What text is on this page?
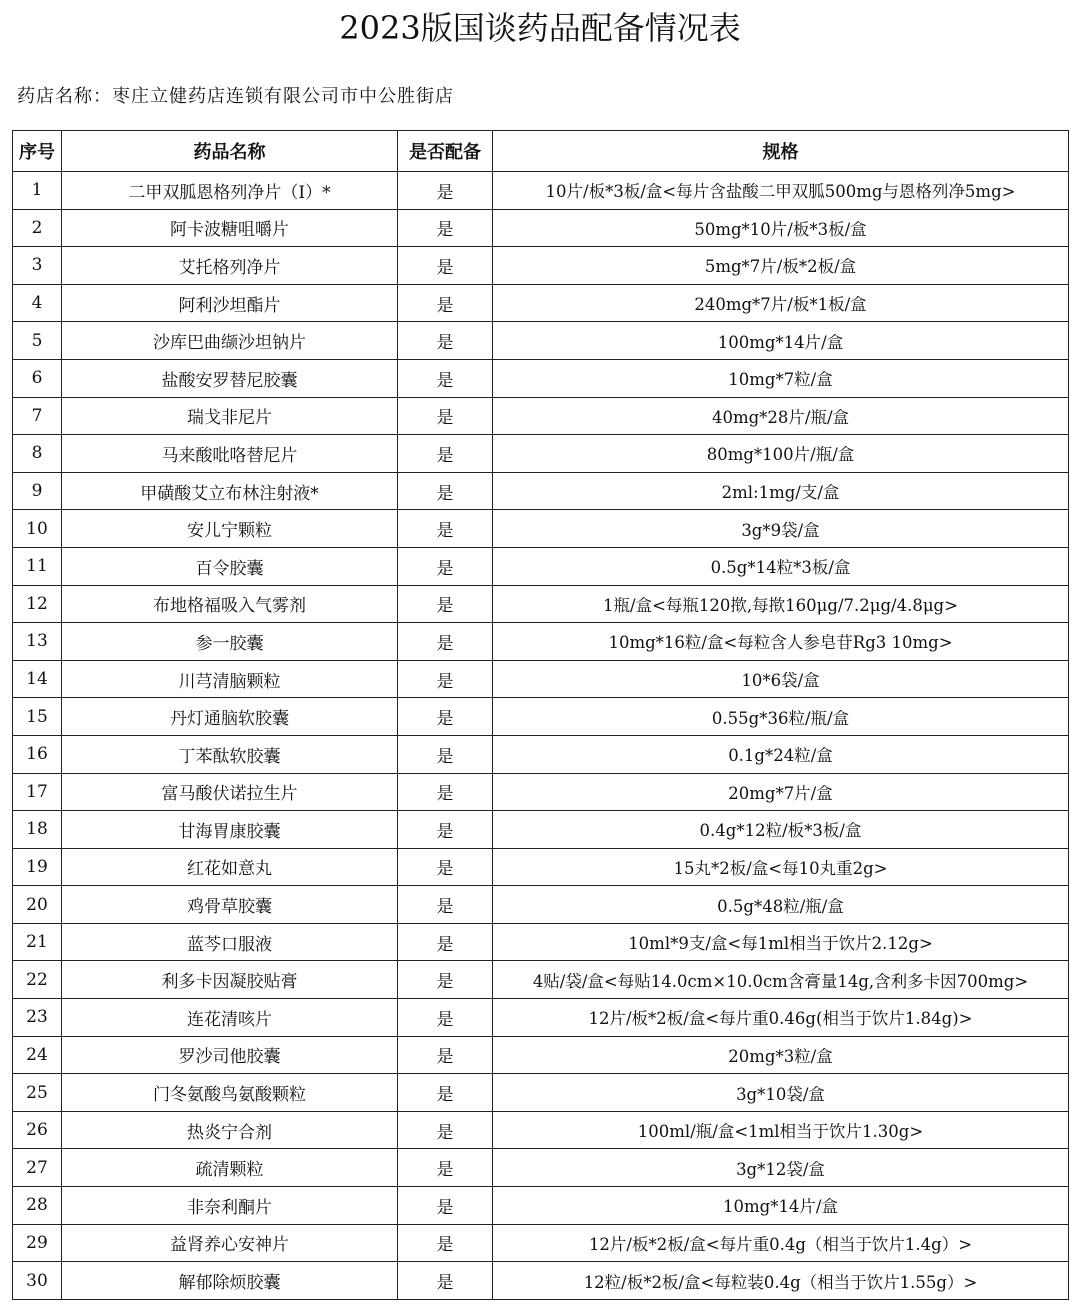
2023版国谈药品配备情况表
药店名称：枣庄立健药店连锁有限公司市中公胜街店
序号	药品名称	是否配备	规格
1	二甲双胍恩格列净片（Ⅰ）*	是	10片/板*3板/盒<每片含盐酸二甲双胍500mg与恩格列净5mg>
2	阿卡波糖咀嚼片	是	50mg*10片/板*3板/盒
3	艾托格列净片	是	5mg*7片/板*2板/盒
4	阿利沙坦酯片	是	240mg*7片/板*1板/盒
5	沙库巴曲缬沙坦钠片	是	100mg*14片/盒
6	盐酸安罗替尼胶囊	是	10mg*7粒/盒
7	瑞戈非尼片	是	40mg*28片/瓶/盒
8	马来酸吡咯替尼片	是	80mg*100片/瓶/盒
9	甲磺酸艾立布林注射液*	是	2ml:1mg/支/盒
10	安儿宁颗粒	是	3g*9袋/盒
11	百令胶囊	是	0.5g*14粒*3板/盒
12	布地格福吸入气雾剂	是	1瓶/盒<每瓶120揿,每揿160μg/7.2μg/4.8μg>
13	参一胶囊	是	10mg*16粒/盒<每粒含人参皂苷Rg3 10mg>
14	川芎清脑颗粒	是	10*6袋/盒
15	丹灯通脑软胶囊	是	0.55g*36粒/瓶/盒
16	丁苯酞软胶囊	是	0.1g*24粒/盒
17	富马酸伏诺拉生片	是	20mg*7片/盒
18	甘海胃康胶囊	是	0.4g*12粒/板*3板/盒
19	红花如意丸	是	15丸*2板/盒<每10丸重2g>
20	鸡骨草胶囊	是	0.5g*48粒/瓶/盒
21	蓝芩口服液	是	10ml*9支/盒<每1ml相当于饮片2.12g>
22	利多卡因凝胶贴膏	是	4贴/袋/盒<每贴14.0cm×10.0cm含膏量14g,含利多卡因700mg>
23	连花清咳片	是	12片/板*2板/盒<每片重0.46g(相当于饮片1.84g)>
24	罗沙司他胶囊	是	20mg*3粒/盒
25	门冬氨酸鸟氨酸颗粒	是	3g*10袋/盒
26	热炎宁合剂	是	100ml/瓶/盒<1ml相当于饮片1.30g>
27	疏清颗粒	是	3g*12袋/盒
28	非奈利酮片	是	10mg*14片/盒
29	益肾养心安神片	是	12片/板*2板/盒<每片重0.4g（相当于饮片1.4g）>
30	解郁除烦胶囊	是	12粒/板*2板/盒<每粒装0.4g（相当于饮片1.55g）>
